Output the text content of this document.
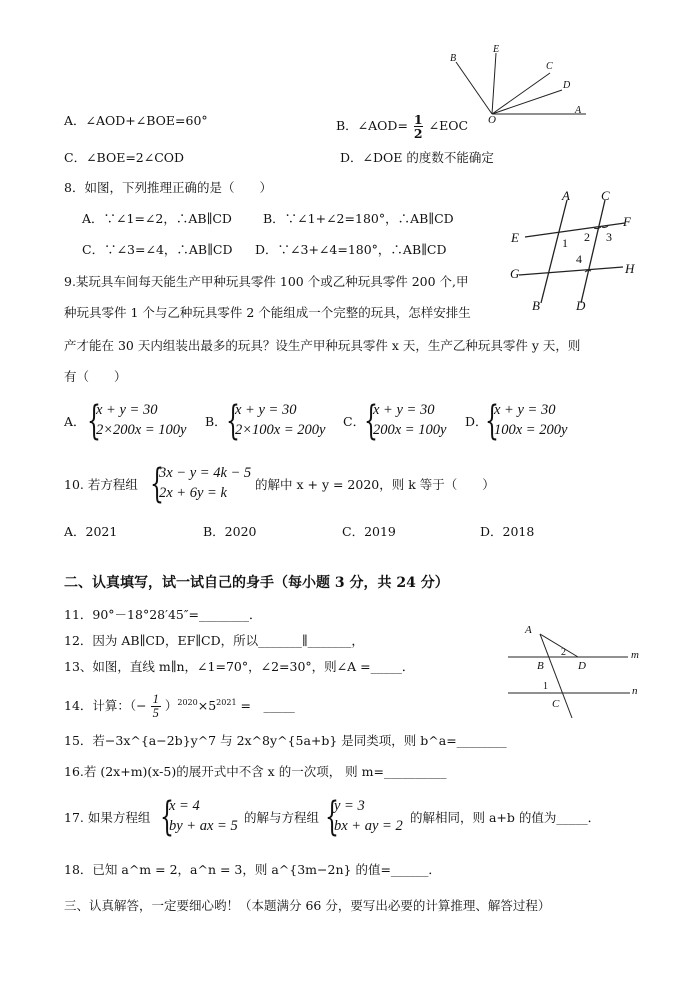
B
E
C
D
A
O
A．∠AOD+∠BOE=60°	B．∠AOD= $\frac{1}{2}$ ∠EOC
C．∠BOE=2∠COD	D．∠DOE 的度数不能确定
8．如图，下列推理正确的是（　　）
A．∵∠1=∠2，∴AB∥CD B．∵∠1+∠2=180°，∴AB∥CD
C．∵∠3=∠4，∴AB∥CD D．∵∠3+∠4=180°，∴AB∥CD
A C
F
E	1 2 3
4
G	H
B	D
9.某玩具车间每天能生产甲种玩具零件 100 个或乙种玩具零件 200 个,甲
种玩具零件 1 个与乙种玩具零件 2 个能组成一个完整的玩具，怎样安排生
产才能在 30 天内组装出最多的玩具？设生产甲种玩具零件 x 天，生产乙种玩具零件 y 天，则
有（　　）
A． {
x + y = 30
2×200x = 100y
B． {
x + y = 30
2×100x = 200y
C．
{
x + y = 30
200x = 100y
D．
{
x + y = 30
100x = 200y
10. 若方程组 {
3x − y = 4k − 5
2x + 6y = k
的解中 x + y = 2020，则 k 等于（　　）
A．2021	B．2020	C．2019	D．2018
二、认真填写，试一试自己的身手（每小题 3 分，共 24 分）
11．90°－18°28′45″=________．
12．因为 AB∥CD，EF∥CD，所以_______∥_______，
13、如图，直线 m∥n，∠1=70°，∠2=30°，则∠A =_____．
A
2	m
B	D
1	n
C
14．计算：（− $\frac{1}{5} )^{2020}\times 5^{2021}$ =　_____
15．若−3x^{a−2b}y^7 与 2x^8y^{5a+b} 是同类项，则 b^a=________
16.若 (2x+m)(x-5)的展开式中不含 x 的一次项， 则 m=__________
17. 如果方程组 {
x = 4
by + ax = 5
的解与方程组 {
y = 3
bx + ay = 2
的解相同，则 a+b 的值为_____．
18．已知 a^m = 2，a^n = 3，则 a^{3m−2n} 的值=______．
三、认真解答，一定要细心哟！（本题满分 66 分，要写出必要的计算推理、解答过程）
